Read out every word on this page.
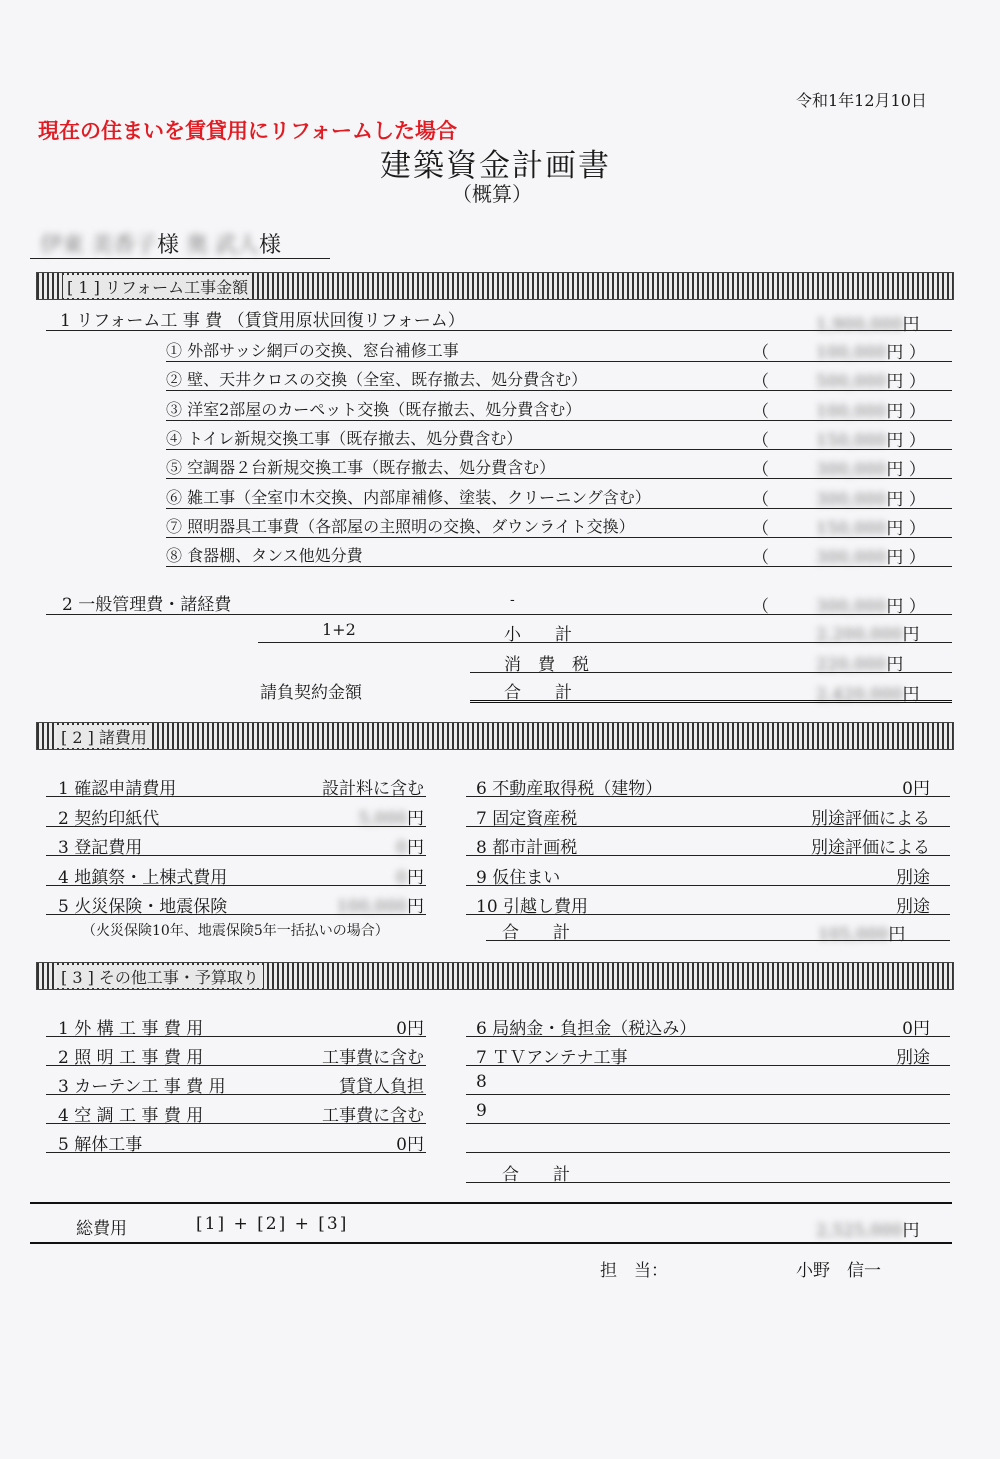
令和1年12月10日
現在の住まいを賃貸用にリフォームした場合
建築資金計画書
（概算）
伊東 美香子様 奥 武人様
[ 1 ] リフォーム工事金額
1 リフォーム工 事 費 （賃貸用原状回復リフォーム）	1,900,000円
① 外部サッシ網戸の交換、窓台補修工事	（	100,000円 ）
② 壁、天井クロスの交換（全室、既存撤去、処分費含む）	（	500,000円 ）
③ 洋室2部屋のカーペット交換（既存撤去、処分費含む）	（	100,000円 ）
④ トイレ新規交換工事（既存撤去、処分費含む）	（	150,000円 ）
⑤ 空調器２台新規交換工事（既存撤去、処分費含む）	（	300,000円 ）
⑥ 雑工事（全室巾木交換、内部扉補修、塗装、クリーニング含む）	（	300,000円 ）
⑦ 照明器具工事費（各部屋の主照明の交換、ダウンライト交換）	（	150,000円 ）
⑧ 食器棚、タンス他処分費	（	300,000円 ）
2 一般管理費・諸経費	-	（	300,000円 ）
1+2	小　　計	2,200,000円
消　費　税	220,000円
請負契約金額	合　　計	2,420,000円
[ 2 ] 諸費用
1 確認申請費用	設計料に含む
2 契約印紙代	5,000円
3 登記費用	0円
4 地鎮祭・上棟式費用	0円
5 火災保険・地震保険	100,000円
6 不動産取得税（建物）	0円
7 固定資産税	別途評価による
8 都市計画税	別途評価による
9 仮住まい	別途
10 引越し費用	別途
（火災保険10年、地震保険5年一括払いの場合）	合　　計	105,000円
[ 3 ] その他工事・予算取り
1 外 構 工 事 費 用	0円
2 照 明 工 事 費 用	工事費に含む
3 カーテン工 事 費 用	賃貸人負担
4 空 調 工 事 費 用	工事費に含む
5 解体工事	0円
6 局納金・負担金（税込み）	0円
7 ＴＶアンテナ工事	別途
8
9
合　　計
総費用	[1] + [2] + [3]	2,525,000円
担　当：	小野　信一
